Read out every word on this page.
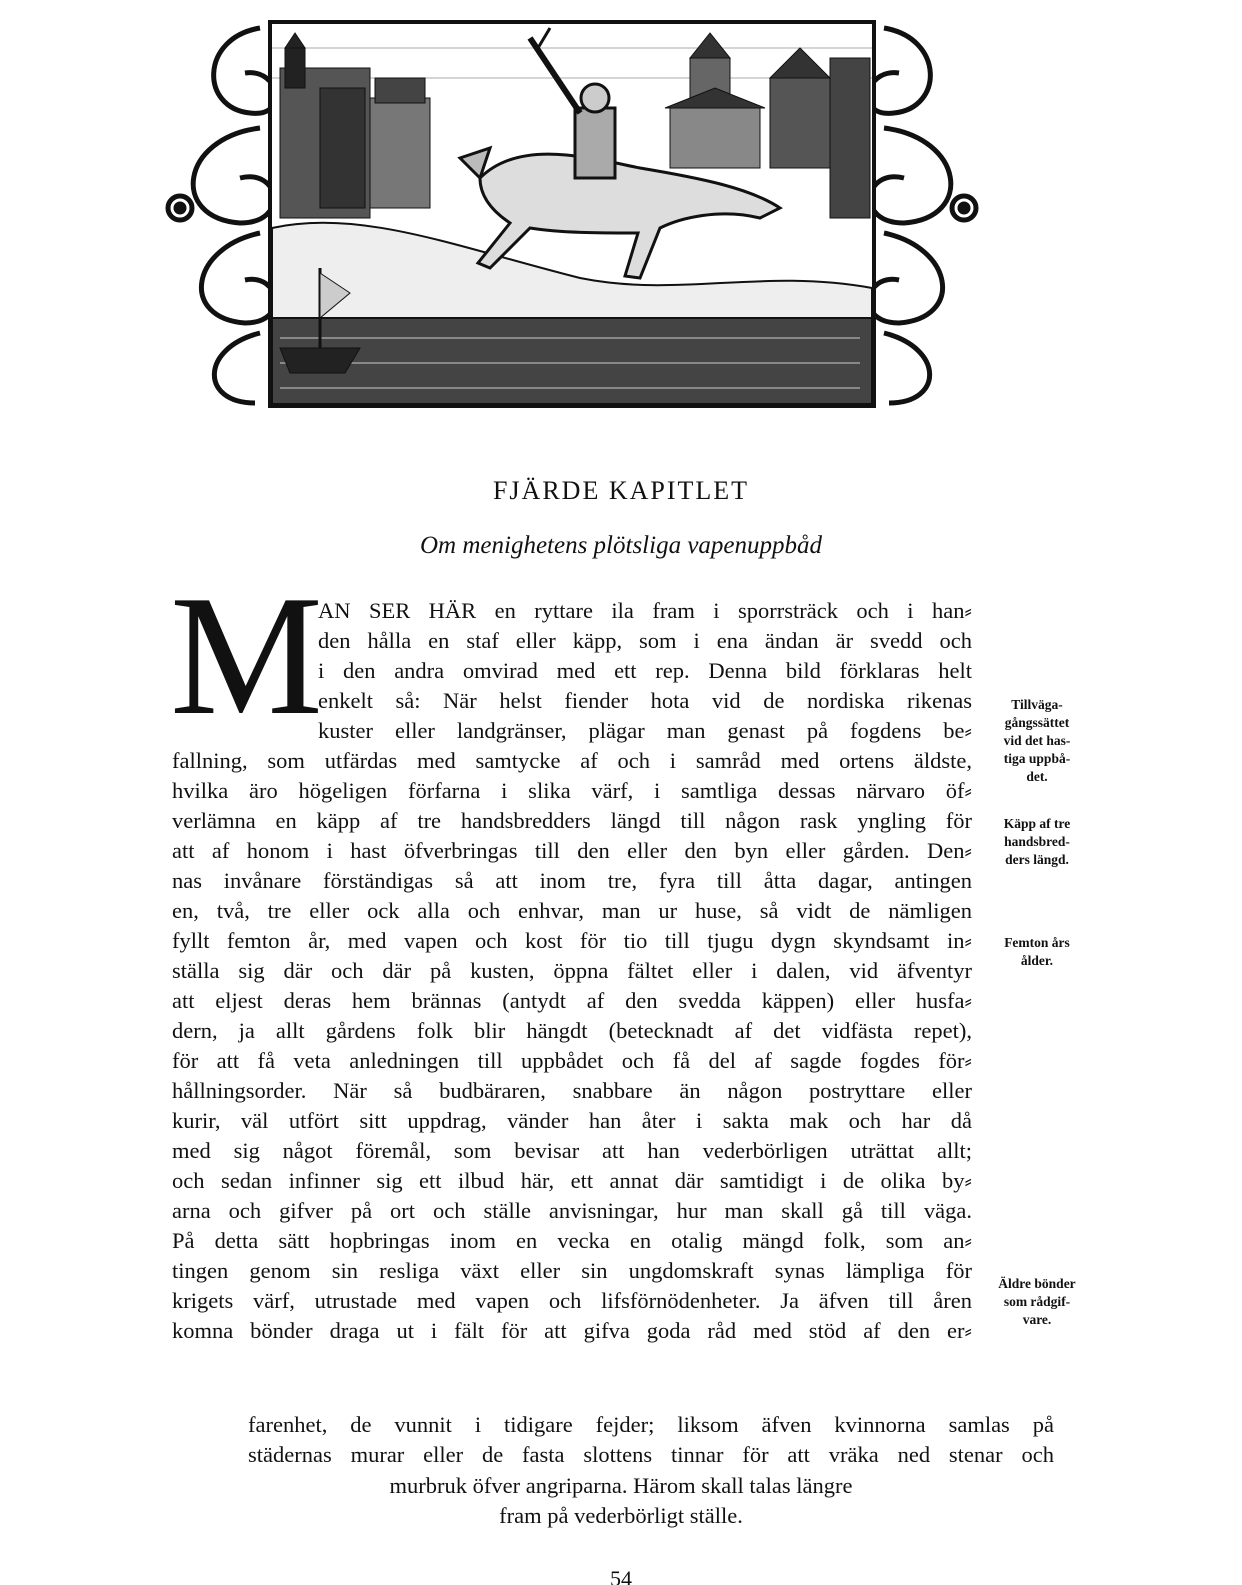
FJÄRDE KAPITLET
Om menighetens plötsliga vapenuppbåd
M
AN SER HÄR en ryttare ila fram i sporrsträck och i han⸗
den hålla en staf eller käpp, som i ena ändan är svedd och
i den andra omvirad med ett rep. Denna bild förklaras helt
enkelt så: När helst fiender hota vid de nordiska rikenas
kuster eller landgränser, plägar man genast på fogdens be⸗
fallning, som utfärdas med samtycke af och i samråd med ortens äldste,
hvilka äro högeligen förfarna i slika värf, i samtliga dessas närvaro öf⸗
verlämna en käpp af tre handsbredders längd till någon rask yngling för
att af honom i hast öfverbringas till den eller den byn eller gården. Den⸗
nas invånare förständigas så att inom tre, fyra till åtta dagar, antingen
en, två, tre eller ock alla och enhvar, man ur huse, så vidt de nämligen
fyllt femton år, med vapen och kost för tio till tjugu dygn skyndsamt in⸗
ställa sig där och där på kusten, öppna fältet eller i dalen, vid äfventyr
att eljest deras hem brännas (antydt af den svedda käppen) eller husfa⸗
dern, ja allt gårdens folk blir hängdt (betecknadt af det vidfästa repet),
för att få veta anledningen till uppbådet och få del af sagde fogdes för⸗
hållningsorder. När så budbäraren, snabbare än någon postryttare eller
kurir, väl utfört sitt uppdrag, vänder han åter i sakta mak och har då
med sig något föremål, som bevisar att han vederbörligen uträttat allt;
och sedan infinner sig ett ilbud här, ett annat där samtidigt i de olika by⸗
arna och gifver på ort och ställe anvisningar, hur man skall gå till väga.
På detta sätt hopbringas inom en vecka en otalig mängd folk, som an⸗
tingen genom sin resliga växt eller sin ungdomskraft synas lämpliga för
krigets värf, utrustade med vapen och lifsförnödenheter. Ja äfven till åren
komna bönder draga ut i fält för att gifva goda råd med stöd af den er⸗
Tillväga-
gångssättet
vid det has-
tiga uppbå-
det.
Käpp af tre
handsbred-
ders längd.
Femton års
ålder.
Äldre bönder
som rådgif-
vare.
farenhet, de vunnit i tidigare fejder; liksom äfven kvinnorna samlas på
städernas murar eller de fasta slottens tinnar för att vräka ned stenar och
murbruk öfver angriparna. Härom skall talas längre
fram på vederbörligt ställe.
54
